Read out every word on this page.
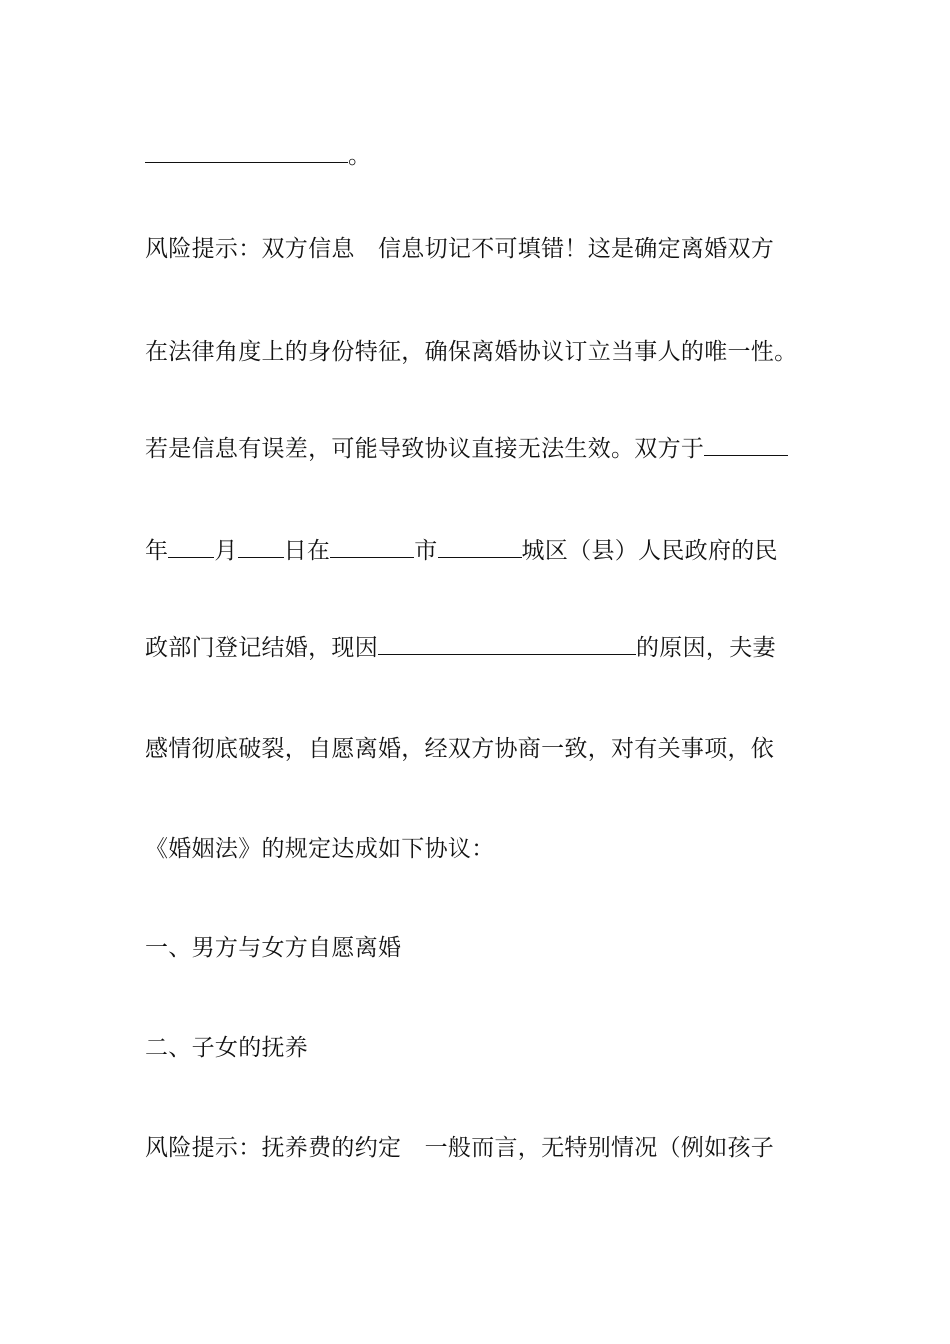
。
风险提示：双方信息　信息切记不可填错！这是确定离婚双方
在法律角度上的身份特征，确保离婚协议订立当事人的唯一性。
若是信息有误差，可能导致协议直接无法生效。双方于
年 月 日在	市	城区（县）人民政府的民
政部门登记结婚，现因	的原因，夫妻
感情彻底破裂，自愿离婚，经双方协商一致，对有关事项，依
《婚姻法》的规定达成如下协议：
一、男方与女方自愿离婚
二、子女的抚养
风险提示：抚养费的约定　一般而言，无特别情况（例如孩子
